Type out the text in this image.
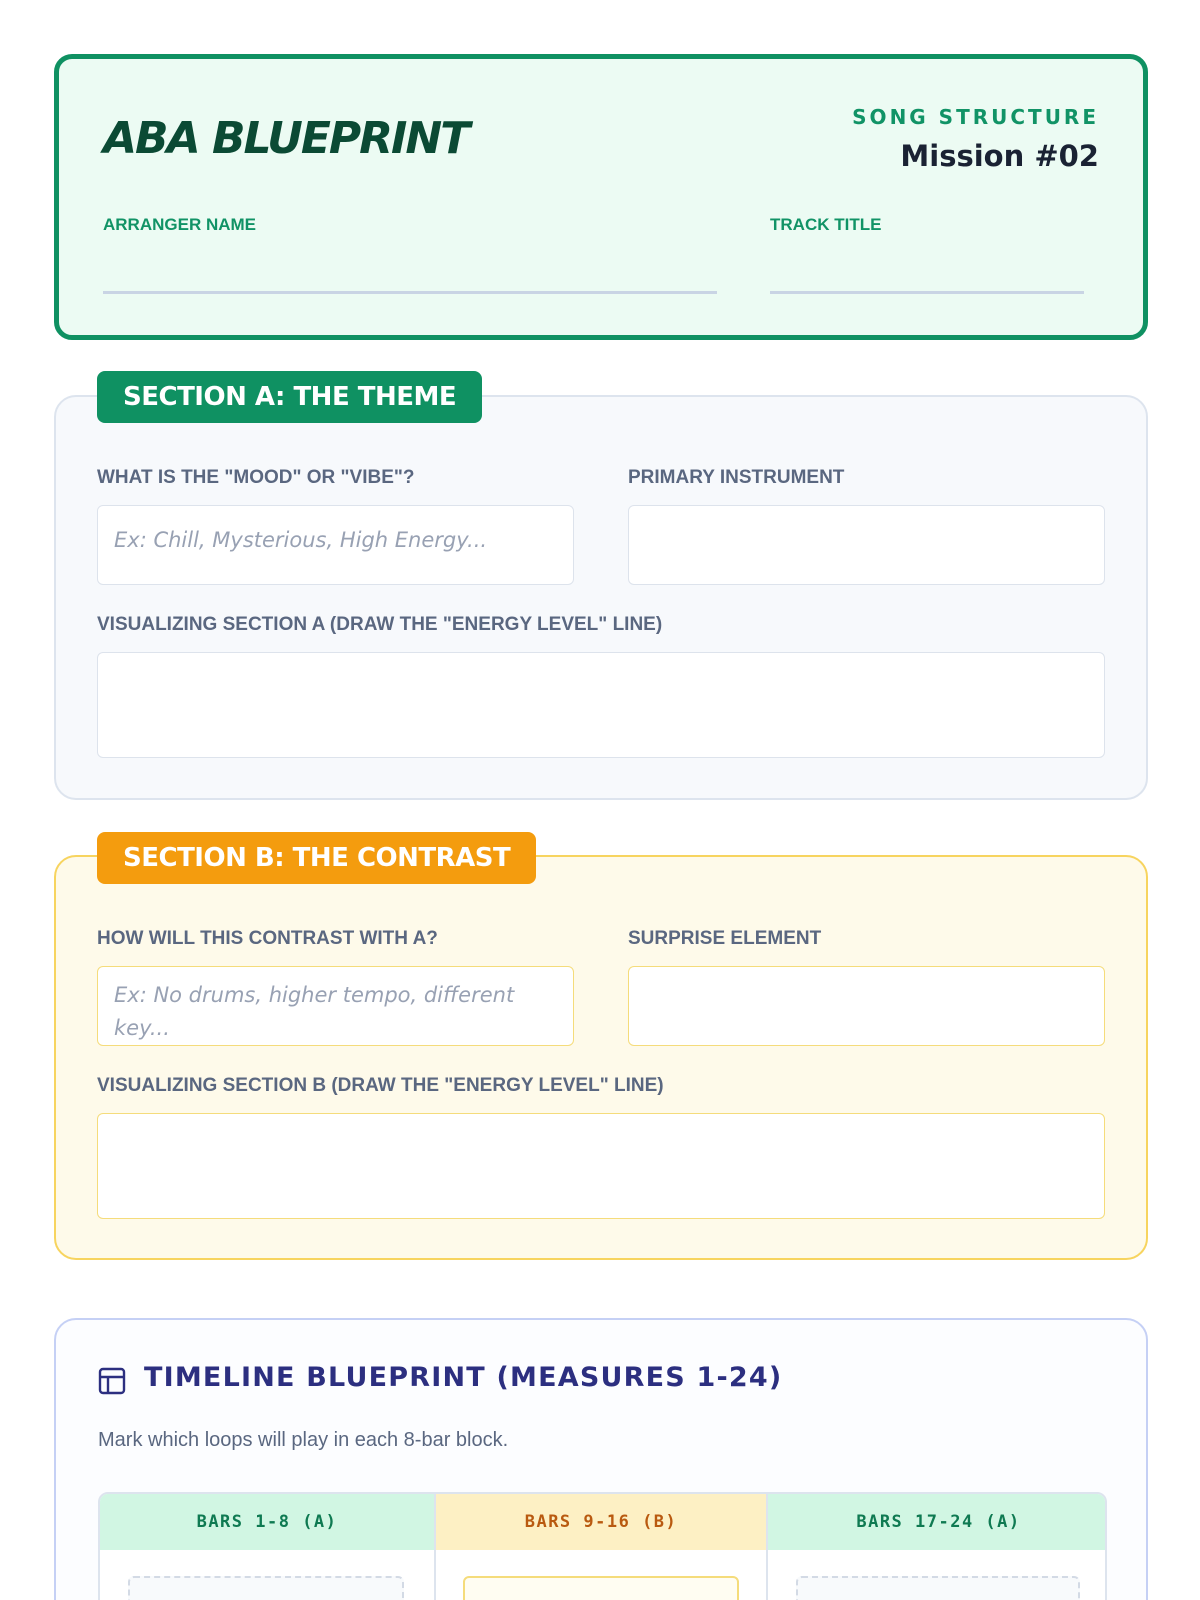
ABA BLUEPRINT	SONG STRUCTURE
Mission #02
ARRANGER NAME	TRACK TITLE
SECTION A: THE THEME
WHAT IS THE "MOOD" OR "VIBE"?
Ex: Chill, Mysterious, High Energy...
PRIMARY INSTRUMENT
VISUALIZING SECTION A (DRAW THE "ENERGY LEVEL" LINE)
SECTION B: THE CONTRAST
HOW WILL THIS CONTRAST WITH A?
Ex: No drums, higher tempo, different key...
SURPRISE ELEMENT
VISUALIZING SECTION B (DRAW THE "ENERGY LEVEL" LINE)
TIMELINE BLUEPRINT (MEASURES 1-24)
Mark which loops will play in each 8-bar block.
BARS 1-8 (A)	BARS 9-16 (B)	BARS 17-24 (A)
